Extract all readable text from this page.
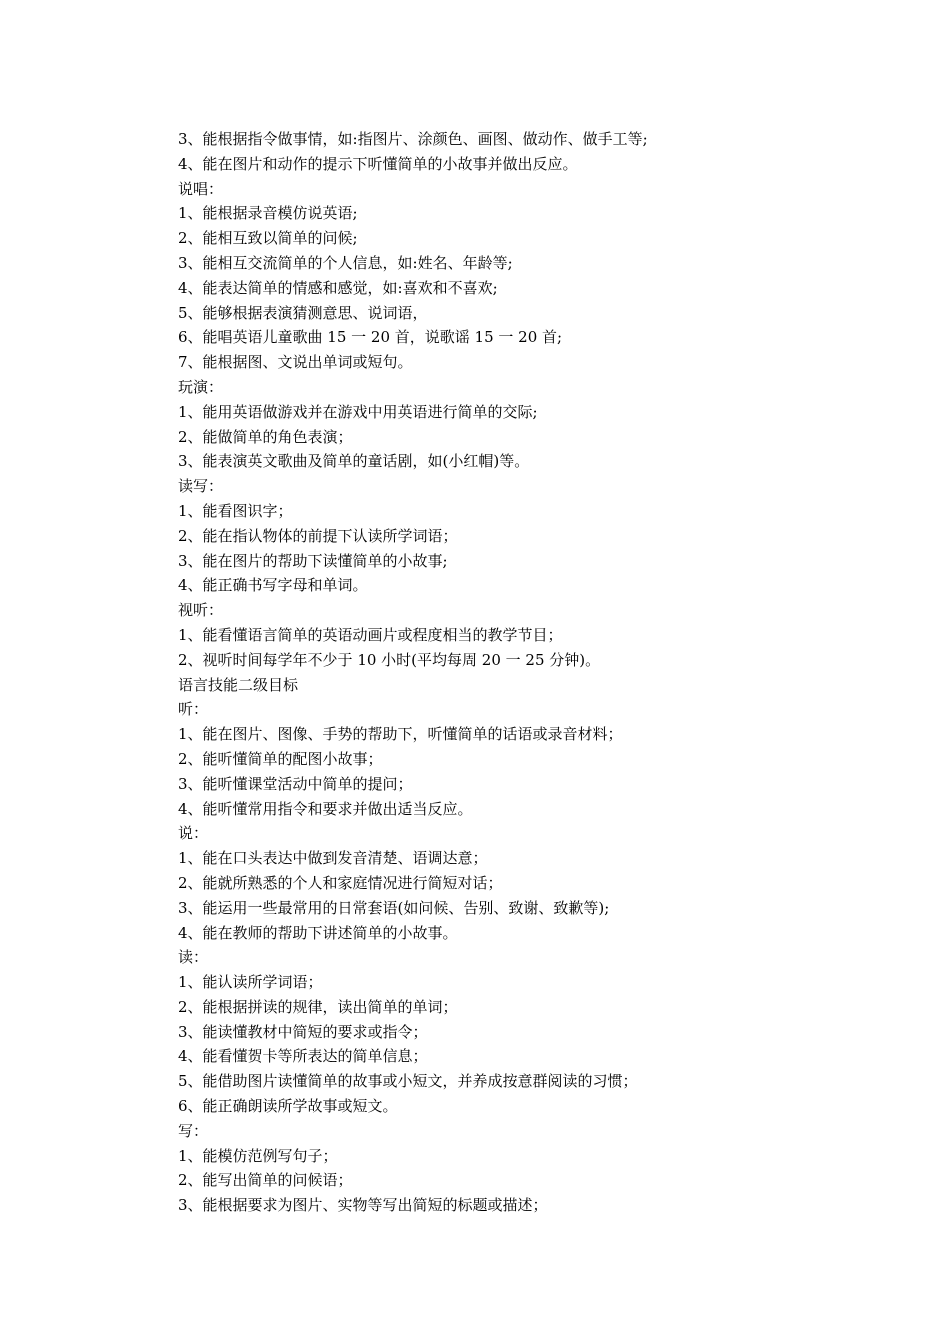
3、能根据指令做事情，如:指图片、涂颜色、画图、做动作、做手工等;
4、能在图片和动作的提示下听懂简单的小故事并做出反应。
说唱：
1、能根据录音模仿说英语;
2、能相互致以简单的问候;
3、能相互交流简单的个人信息，如:姓名、年龄等;
4、能表达简单的情感和感觉，如:喜欢和不喜欢;
5、能够根据表演猜测意思、说词语，
6、能唱英语儿童歌曲 15 一 20 首，说歌谣 15 一 20 首;
7、能根据图、文说出单词或短句。
玩演：
1、能用英语做游戏并在游戏中用英语进行简单的交际;
2、能做简单的角色表演；
3、能表演英文歌曲及简单的童话剧，如(小红帽)等。
读写：
1、能看图识字；
2、能在指认物体的前提下认读所学词语；
3、能在图片的帮助下读懂简单的小故事;
4、能正确书写字母和单词。
视听：
1、能看懂语言简单的英语动画片或程度相当的教学节目；
2、视听时间每学年不少于 10 小时(平均每周 20 一 25 分钟)。
语言技能二级目标
听：
1、能在图片、图像、手势的帮助下，听懂简单的话语或录音材料；
2、能听懂简单的配图小故事；
3、能听懂课堂活动中简单的提问；
4、能听懂常用指令和要求并做出适当反应。
说：
1、能在口头表达中做到发音清楚、语调达意；
2、能就所熟悉的个人和家庭情况进行简短对话；
3、能运用一些最常用的日常套语(如问候、告别、致谢、致歉等);
4、能在教师的帮助下讲述简单的小故事。
读：
1、能认读所学词语；
2、能根据拼读的规律，读出简单的单词；
3、能读懂教材中简短的要求或指令；
4、能看懂贺卡等所表达的简单信息；
5、能借助图片读懂简单的故事或小短文，并养成按意群阅读的习惯；
6、能正确朗读所学故事或短文。
写：
1、能模仿范例写句子；
2、能写出简单的问候语；
3、能根据要求为图片、实物等写出简短的标题或描述；
